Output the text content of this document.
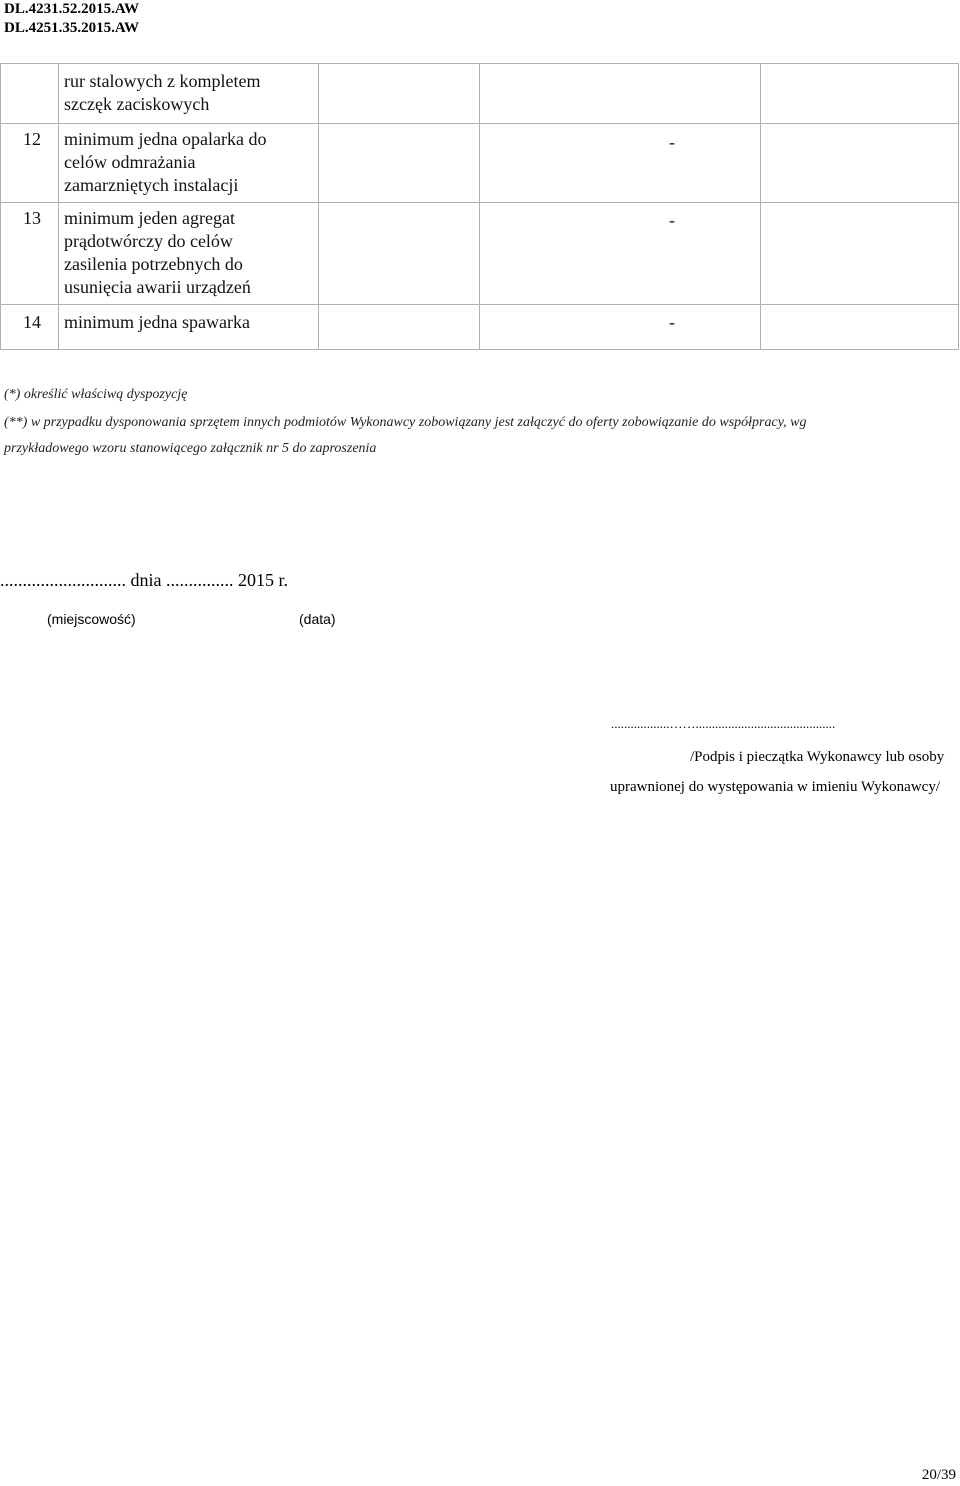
DL.4231.52.2015.AW
DL.4251.35.2015.AW
rur stalowych z kompletem
szczęk zaciskowych
12 minimum jedna opalarka do
celów odmrażania
zamarzniętych instalacji
-
13 minimum jeden agregat
prądotwórczy do celów
zasilenia potrzebnych do
usunięcia awarii urządzeń
-
14 minimum jedna spawarka	-
(*) określić właściwą dyspozycję
(**) w przypadku dysponowania sprzętem innych podmiotów Wykonawcy zobowiązany jest załączyć do oferty zobowiązanie do współpracy, wg
przykładowego wzoru stanowiącego załącznik nr 5 do zaproszenia
............................ dnia ............... 2015 r.
(miejscowość)	(data)
..................……...........................................
/Podpis i pieczątka Wykonawcy lub osoby
uprawnionej do występowania w imieniu Wykonawcy/
20/39
